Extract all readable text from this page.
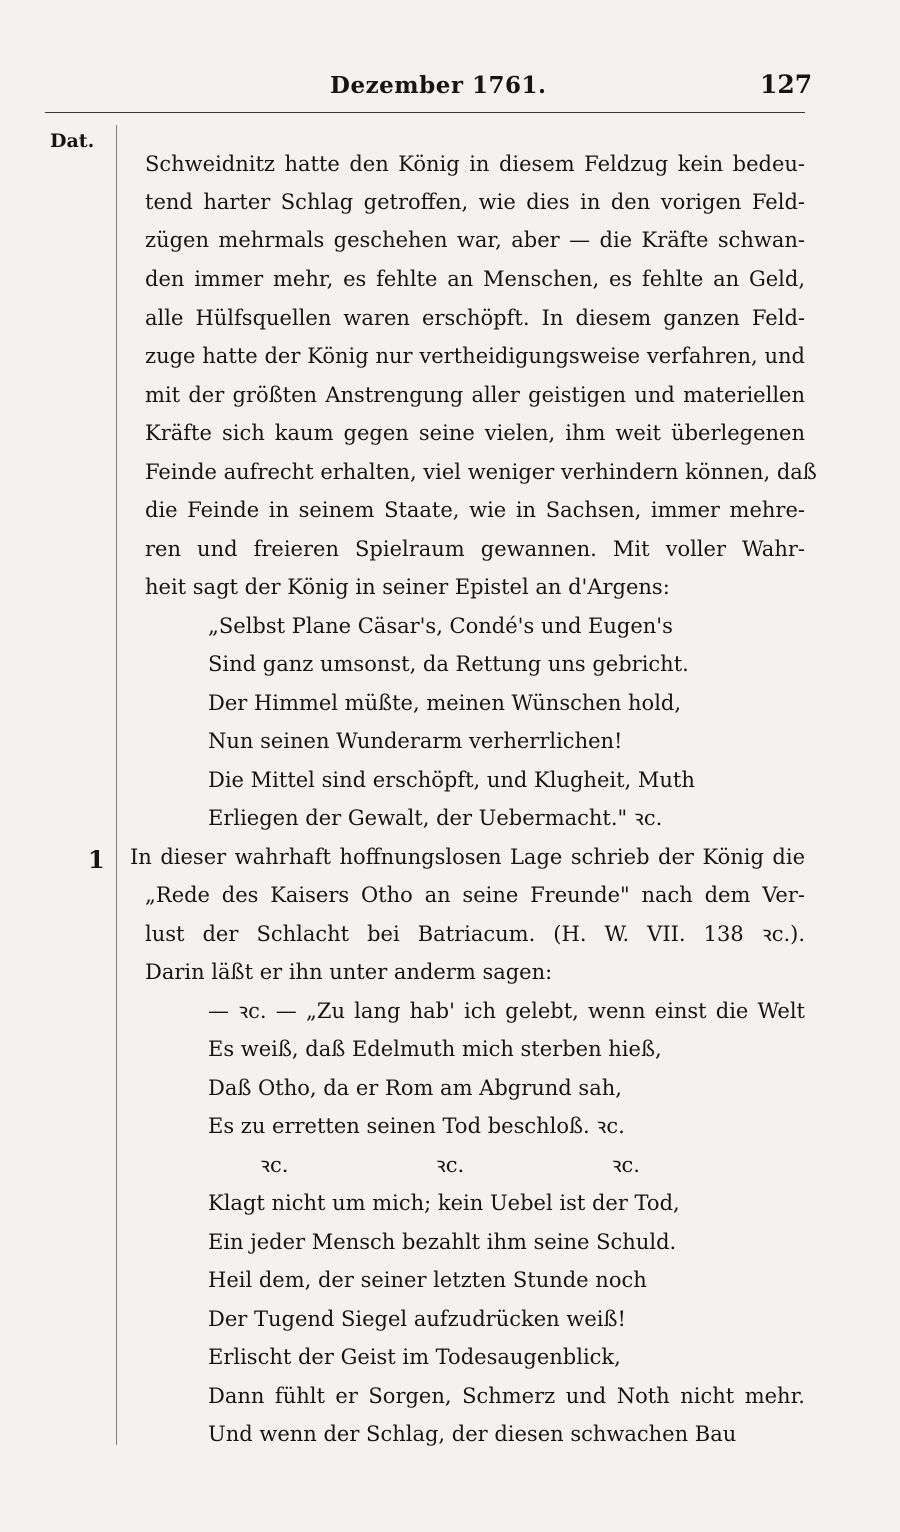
Dezember 1761.	127
Dat.
1
Schweidnitz hatte den König in diesem Feldzug kein bedeu-
tend harter Schlag getroffen, wie dies in den vorigen Feld-
zügen mehrmals geschehen war, aber — die Kräfte schwan-
den immer mehr, es fehlte an Menschen, es fehlte an Geld,
alle Hülfsquellen waren erschöpft. In diesem ganzen Feld-
zuge hatte der König nur vertheidigungsweise verfahren, und
mit der größten Anstrengung aller geistigen und materiellen
Kräfte sich kaum gegen seine vielen, ihm weit überlegenen
Feinde aufrecht erhalten, viel weniger verhindern können, daß
die Feinde in seinem Staate, wie in Sachsen, immer mehre-
ren und freieren Spielraum gewannen. Mit voller Wahr-
heit sagt der König in seiner Epistel an d'Argens:
„Selbst Plane Cäsar's, Condé's und Eugen's
Sind ganz umsonst, da Rettung uns gebricht.
Der Himmel müßte, meinen Wünschen hold,
Nun seinen Wunderarm verherrlichen!
Die Mittel sind erschöpft, und Klugheit, Muth
Erliegen der Gewalt, der Uebermacht." ꝛc.
In dieser wahrhaft hoffnungslosen Lage schrieb der König die
„Rede des Kaisers Otho an seine Freunde" nach dem Ver-
lust der Schlacht bei Batriacum. (H. W. VII. 138 ꝛc.).
Darin läßt er ihn unter anderm sagen:
— ꝛc. — „Zu lang hab' ich gelebt, wenn einst die Welt
Es weiß, daß Edelmuth mich sterben hieß,
Daß Otho, da er Rom am Abgrund sah,
Es zu erretten seinen Tod beschloß. ꝛc.
ꝛc.	ꝛc.	ꝛc.
Klagt nicht um mich; kein Uebel ist der Tod,
Ein jeder Mensch bezahlt ihm seine Schuld.
Heil dem, der seiner letzten Stunde noch
Der Tugend Siegel aufzudrücken weiß!
Erlischt der Geist im Todesaugenblick,
Dann fühlt er Sorgen, Schmerz und Noth nicht mehr.
Und wenn der Schlag, der diesen schwachen Bau
